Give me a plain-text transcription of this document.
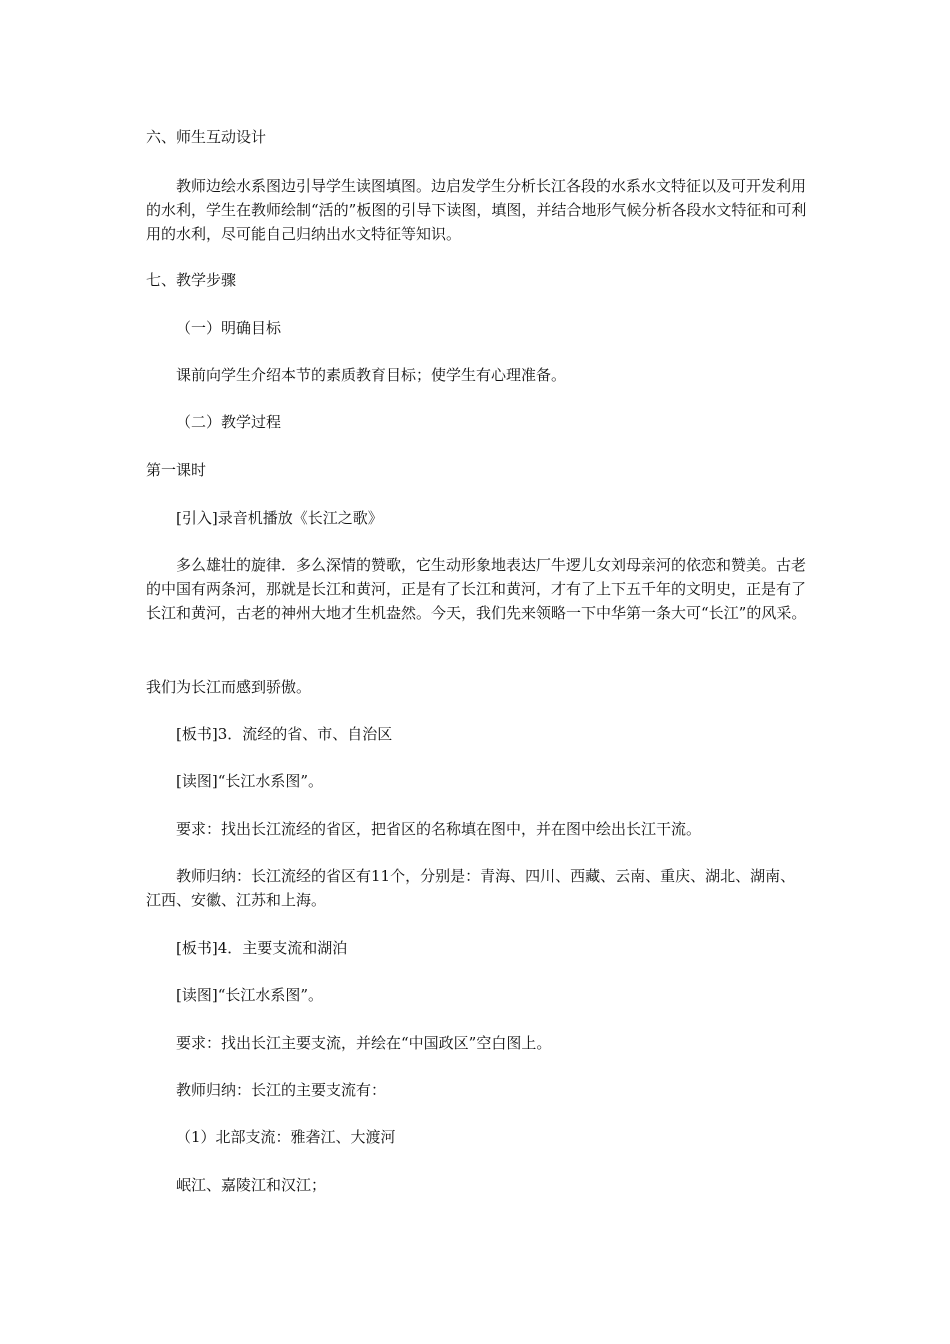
六、师生互动设计

教师边绘水系图边引导学生读图填图。边启发学生分析长江各段的水系水文特征以及可开发利用的水利，学生在教师绘制“活的”板图的引导下读图，填图，并结合地形气候分析各段水文特征和可利用的水利，尽可能自己归纳出水文特征等知识。

七、教学步骤

（一）明确目标

课前向学生介绍本节的素质教育目标；使学生有心理准备。

（二）教学过程

第一课时

[引入]录音机播放《长江之歌》

多么雄壮的旋律．多么深情的赞歌，它生动形象地表达厂牛逻儿女刘母亲河的依恋和赞美。古老的中国有两条河，那就是长江和黄河，正是有了长江和黄河，才有了上下五千年的文明史，正是有了长江和黄河，古老的神州大地才生机盎然。今天，我们先来领略一下中华第一条大可“长江”的风采。

我们为长江而感到骄傲。

[板书]3．流经的省、市、自治区

[读图]“长江水系图”。

要求：找出长江流经的省区，把省区的名称填在图中，并在图中绘出长江干流。

教师归纳：长江流经的省区有11个，分别是：青海、四川、西藏、云南、重庆、湖北、湖南、江西、安徽、江苏和上海。

[板书]4．主要支流和湖泊

[读图]“长江水系图”。

要求：找出长江主要支流，并绘在“中国政区”空白图上。

教师归纳：长江的主要支流有：

（1）北部支流：雅砻江、大渡河

岷江、嘉陵江和汉江；
